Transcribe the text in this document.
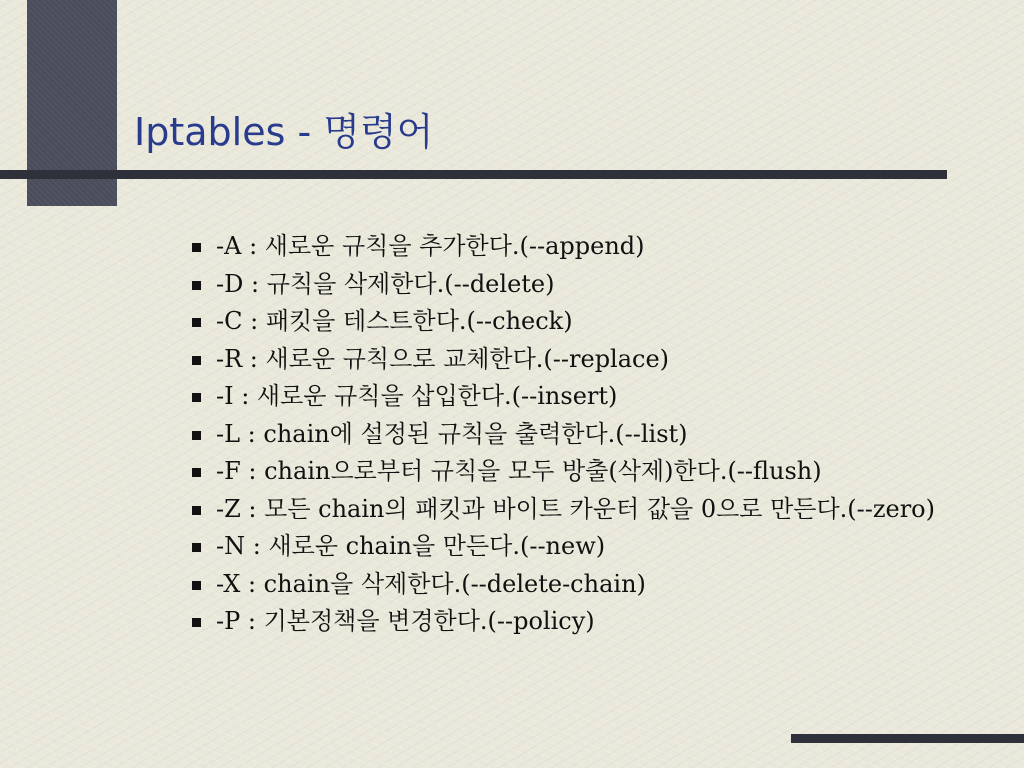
Iptables - 명령어
-A : 새로운 규칙을 추가한다.(--append)
-D : 규칙을 삭제한다.(--delete)
-C : 패킷을 테스트한다.(--check)
-R : 새로운 규칙으로 교체한다.(--replace)
-I : 새로운 규칙을 삽입한다.(--insert)
-L : chain에 설정된 규칙을 출력한다.(--list)
-F : chain으로부터 규칙을 모두 방출(삭제)한다.(--flush)
-Z : 모든 chain의 패킷과 바이트 카운터 값을 0으로 만든다.(--zero)
-N : 새로운 chain을 만든다.(--new)
-X : chain을 삭제한다.(--delete-chain)
-P : 기본정책을 변경한다.(--policy)
